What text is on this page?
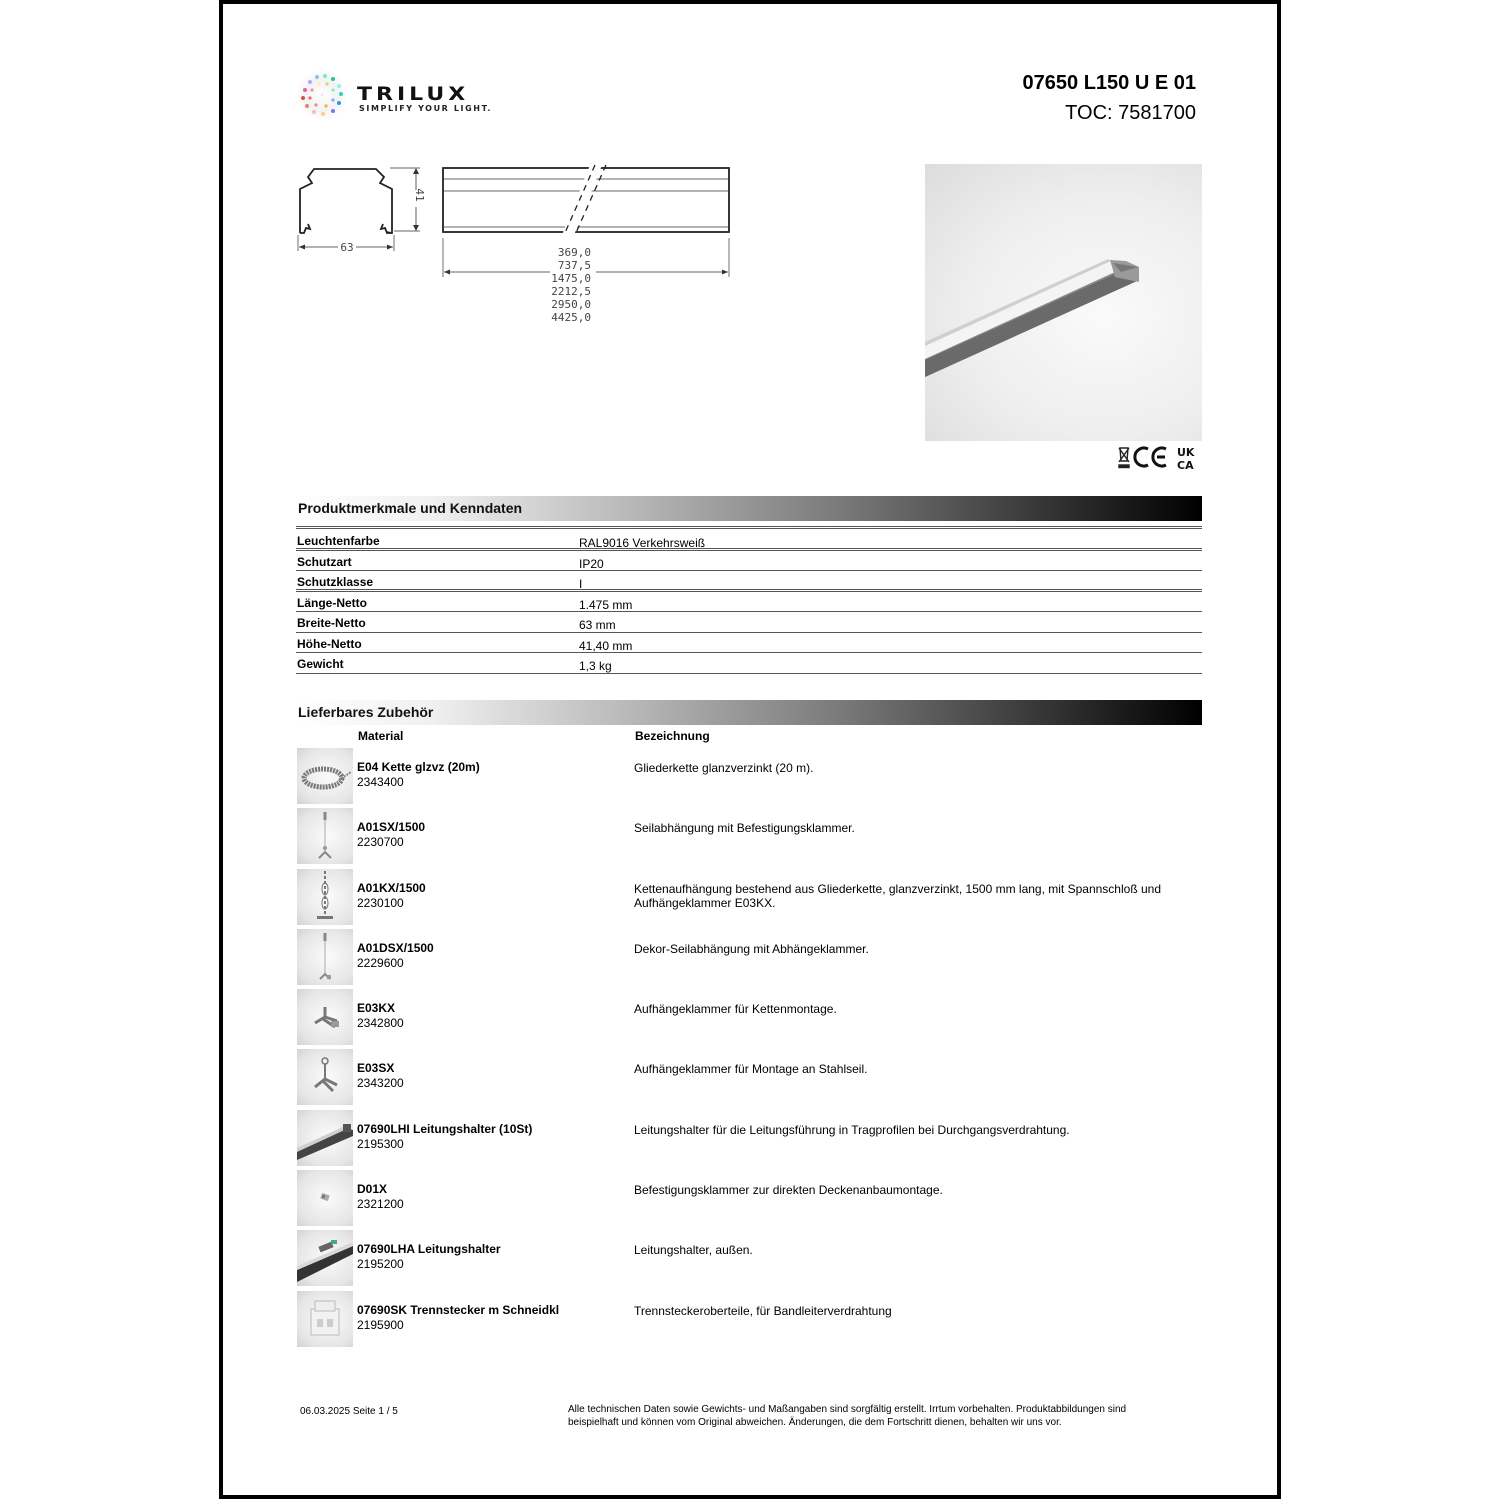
TRILUX
SIMPLIFY YOUR LIGHT.
07650 L150 U E 01
TOC: 7581700
41
63	369,0
737,5
1475,0
2212,5
2950,0
4425,0
UK
CA
Produktmerkmale und Kenndaten
Leuchtenfarbe	RAL9016 Verkehrsweiß
Schutzart	IP20
Schutzklasse	I
Länge-Netto	1.475 mm
Breite-Netto	63 mm
Höhe-Netto	41,40 mm
Gewicht	1,3 kg
Lieferbares Zubehör
Material	Bezeichnung
E04 Kette glzvz (20m)
2343400
Gliederkette glanzverzinkt (20 m).
A01SX/1500
2230700
Seilabhängung mit Befestigungsklammer.
A01KX/1500
2230100
Kettenaufhängung bestehend aus Gliederkette, glanzverzinkt, 1500 mm lang, mit Spannschloß und Aufhängeklammer E03KX.
A01DSX/1500
2229600
Dekor-Seilabhängung mit Abhängeklammer.
E03KX
2342800
Aufhängeklammer für Kettenmontage.
E03SX
2343200
Aufhängeklammer für Montage an Stahlseil.
07690LHI Leitungshalter (10St)
2195300
Leitungshalter für die Leitungsführung in Tragprofilen bei Durchgangsverdrahtung.
D01X
2321200
Befestigungsklammer zur direkten Deckenanbaumontage.
07690LHA Leitungshalter
2195200
Leitungshalter, außen.
07690SK Trennstecker m Schneidkl
2195900
Trennsteckeroberteile, für Bandleiterverdrahtung
06.03.2025 Seite 1 / 5	Alle technischen Daten sowie Gewichts- und Maßangaben sind sorgfältig erstellt. Irrtum vorbehalten. Produktabbildungen sind beispielhaft und können vom Original abweichen. Änderungen, die dem Fortschritt dienen, behalten wir uns vor.
